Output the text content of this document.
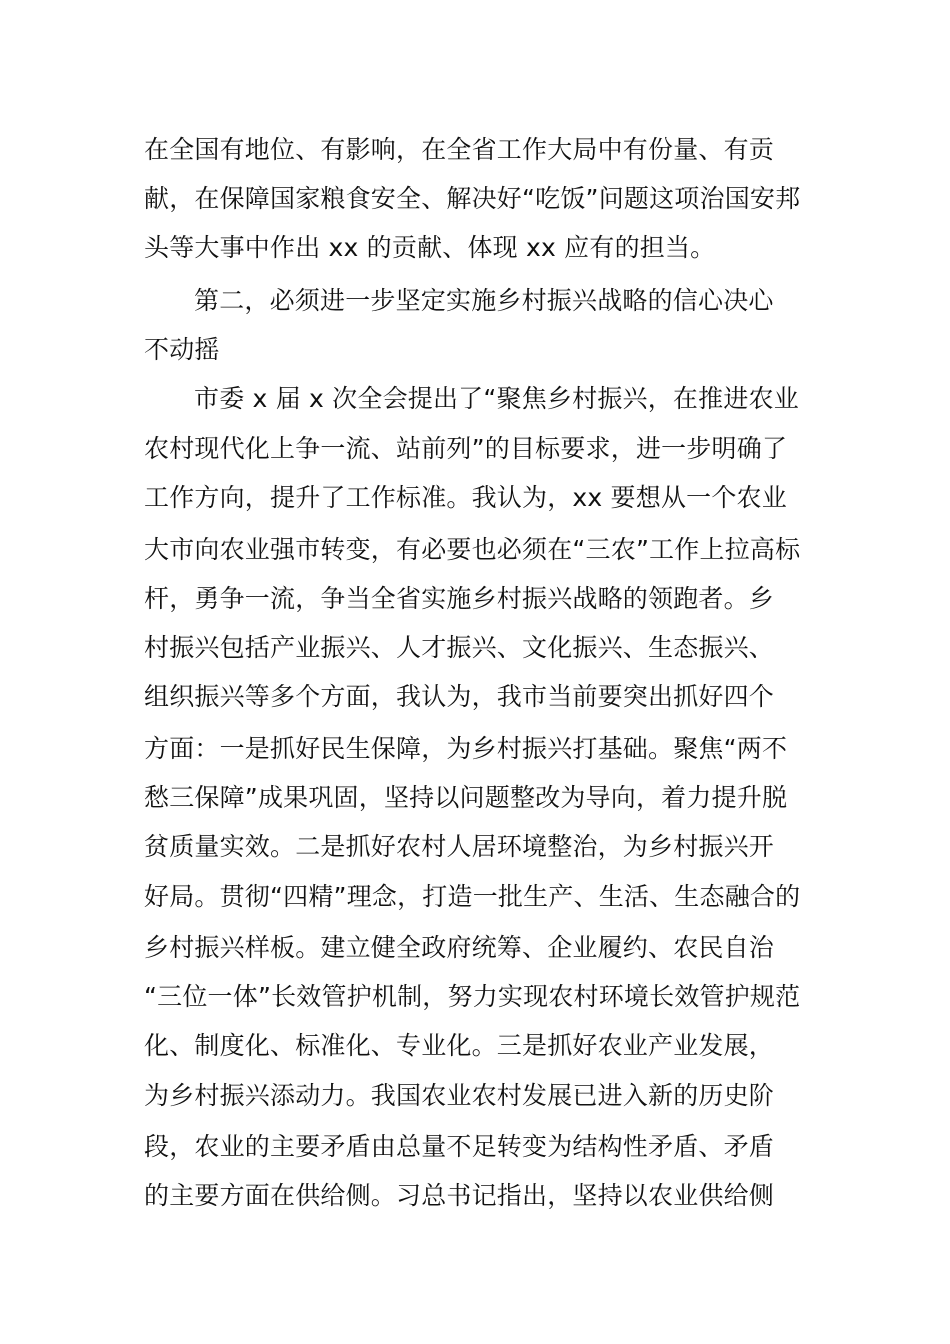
在全国有地位、有影响，在全省工作大局中有份量、有贡
献，在保障国家粮食安全、解决好“吃饭”问题这项治国安邦
头等大事中作出 xx 的贡献、体现 xx 应有的担当。
第二，必须进一步坚定实施乡村振兴战略的信心决心
不动摇
市委 x 届 x 次全会提出了“聚焦乡村振兴，在推进农业
农村现代化上争一流、站前列”的目标要求，进一步明确了
工作方向，提升了工作标准。我认为，xx 要想从一个农业
大市向农业强市转变，有必要也必须在“三农”工作上拉高标
杆，勇争一流，争当全省实施乡村振兴战略的领跑者。乡
村振兴包括产业振兴、人才振兴、文化振兴、生态振兴、
组织振兴等多个方面，我认为，我市当前要突出抓好四个
方面：一是抓好民生保障，为乡村振兴打基础。聚焦“两不
愁三保障”成果巩固，坚持以问题整改为导向，着力提升脱
贫质量实效。二是抓好农村人居环境整治，为乡村振兴开
好局。贯彻“四精”理念，打造一批生产、生活、生态融合的
乡村振兴样板。建立健全政府统筹、企业履约、农民自治
“三位一体”长效管护机制，努力实现农村环境长效管护规范
化、制度化、标准化、专业化。三是抓好农业产业发展，
为乡村振兴添动力。我国农业农村发展已进入新的历史阶
段，农业的主要矛盾由总量不足转变为结构性矛盾、矛盾
的主要方面在供给侧。习总书记指出，坚持以农业供给侧
